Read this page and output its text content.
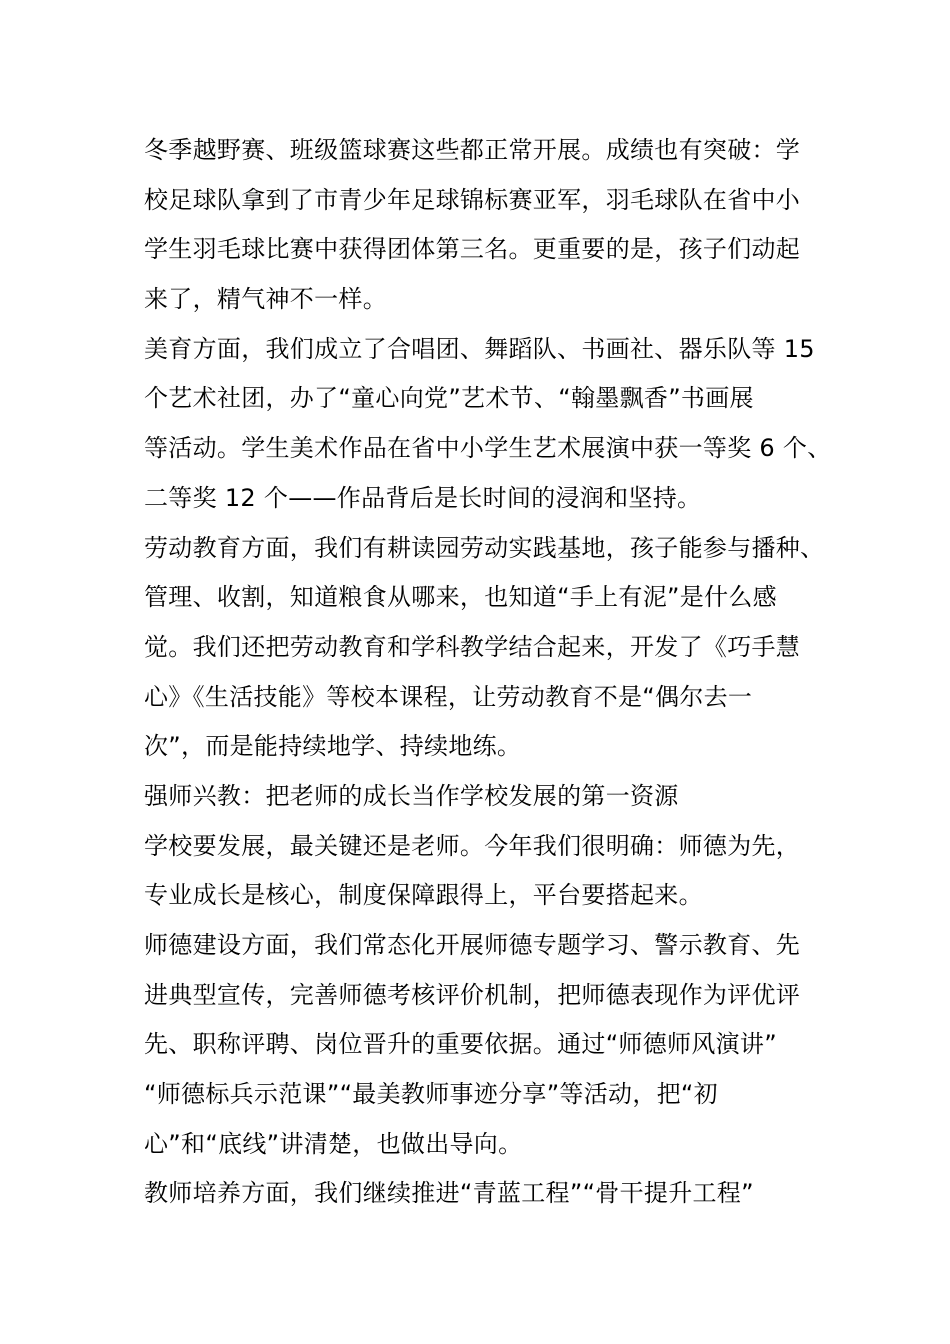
冬季越野赛、班级篮球赛这些都正常开展。成绩也有突破：学
校足球队拿到了市青少年足球锦标赛亚军，羽毛球队在省中小
学生羽毛球比赛中获得团体第三名。更重要的是，孩子们动起
来了，精气神不一样。
美育方面，我们成立了合唱团、舞蹈队、书画社、器乐队等 15
个艺术社团，办了“童心向党”艺术节、“翰墨飘香”书画展
等活动。学生美术作品在省中小学生艺术展演中获一等奖 6 个、
二等奖 12 个——作品背后是长时间的浸润和坚持。
劳动教育方面，我们有耕读园劳动实践基地，孩子能参与播种、
管理、收割，知道粮食从哪来，也知道“手上有泥”是什么感
觉。我们还把劳动教育和学科教学结合起来，开发了《巧手慧
心》《生活技能》等校本课程，让劳动教育不是“偶尔去一
次”，而是能持续地学、持续地练。
强师兴教：把老师的成长当作学校发展的第一资源
学校要发展，最关键还是老师。今年我们很明确：师德为先，
专业成长是核心，制度保障跟得上，平台要搭起来。
师德建设方面，我们常态化开展师德专题学习、警示教育、先
进典型宣传，完善师德考核评价机制，把师德表现作为评优评
先、职称评聘、岗位晋升的重要依据。通过“师德师风演讲”
“师德标兵示范课”“最美教师事迹分享”等活动，把“初
心”和“底线”讲清楚，也做出导向。
教师培养方面，我们继续推进“青蓝工程”“骨干提升工程”
